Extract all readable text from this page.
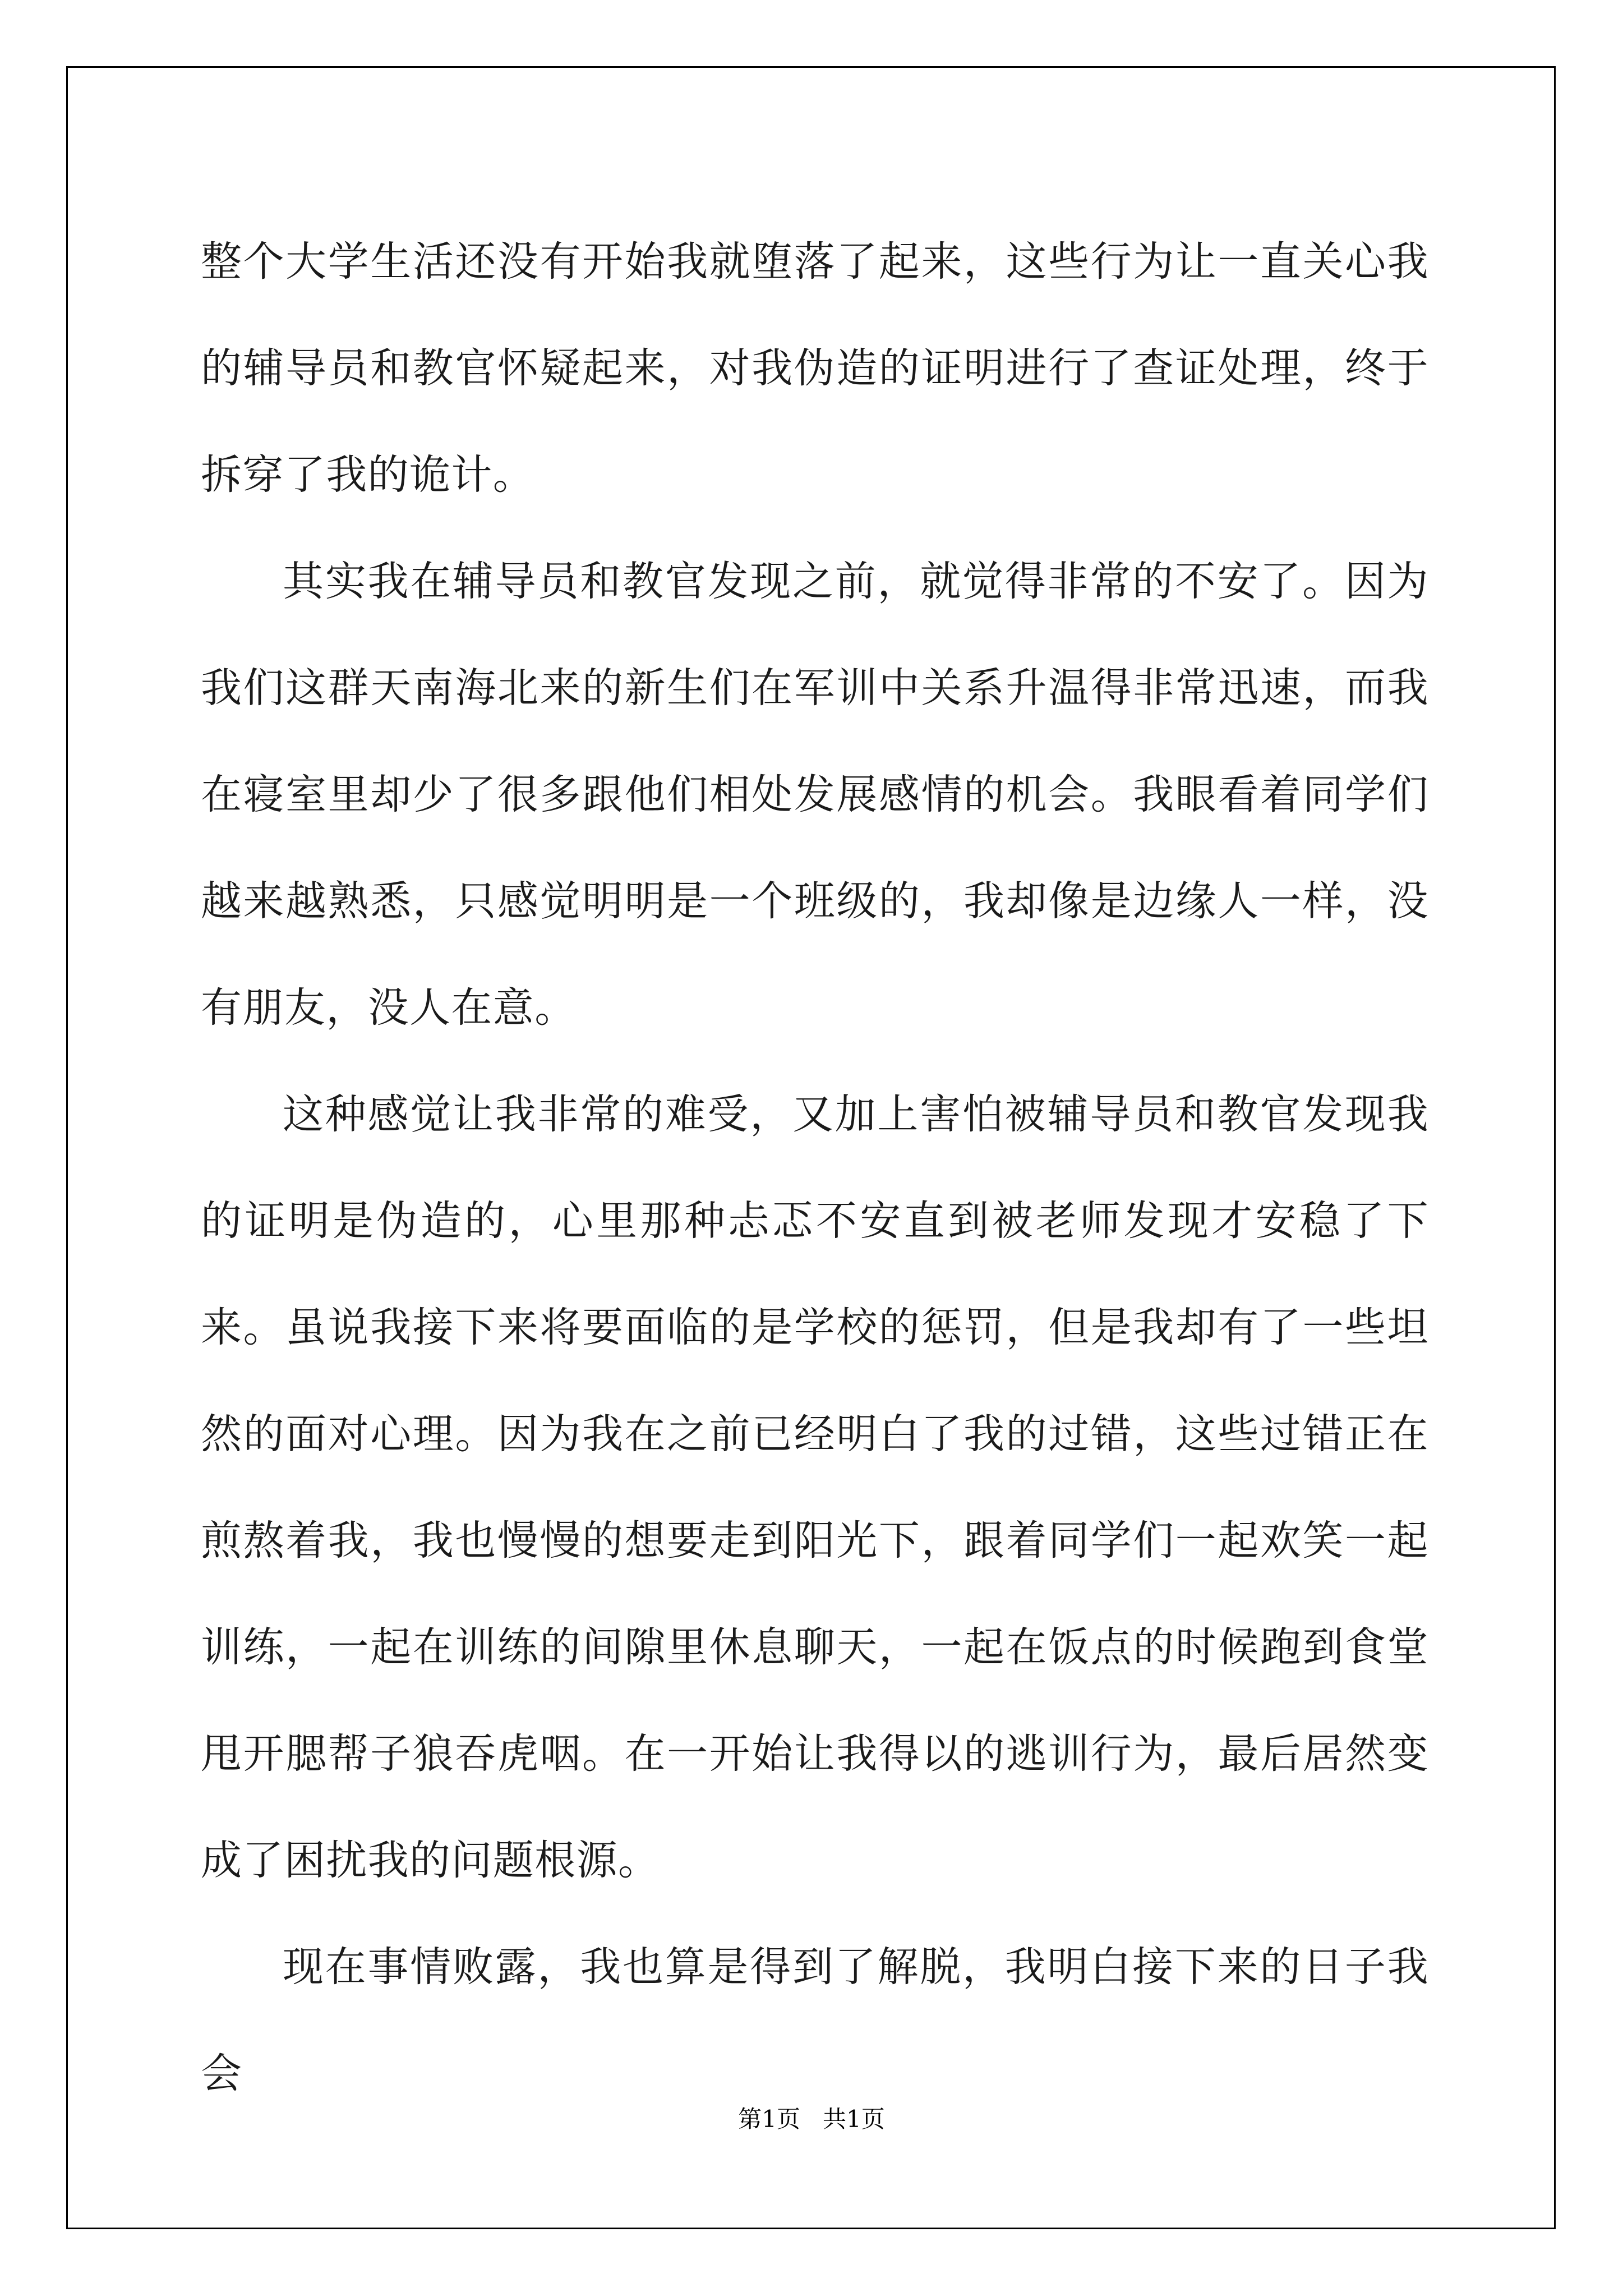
整个大学生活还没有开始我就堕落了起来，这些行为让一直关心我的辅导员和教官怀疑起来，对我伪造的证明进行了查证处理，终于拆穿了我的诡计。

其实我在辅导员和教官发现之前，就觉得非常的不安了。因为我们这群天南海北来的新生们在军训中关系升温得非常迅速，而我在寝室里却少了很多跟他们相处发展感情的机会。我眼看着同学们越来越熟悉，只感觉明明是一个班级的，我却像是边缘人一样，没有朋友，没人在意。

这种感觉让我非常的难受，又加上害怕被辅导员和教官发现我的证明是伪造的，心里那种忐忑不安直到被老师发现才安稳了下来。虽说我接下来将要面临的是学校的惩罚，但是我却有了一些坦然的面对心理。因为我在之前已经明白了我的过错，这些过错正在煎熬着我，我也慢慢的想要走到阳光下，跟着同学们一起欢笑一起训练，一起在训练的间隙里休息聊天，一起在饭点的时候跑到食堂甩开腮帮子狼吞虎咽。在一开始让我得以的逃训行为，最后居然变成了困扰我的问题根源。

现在事情败露，我也算是得到了解脱，我明白接下来的日子我会

第1页   共1页
